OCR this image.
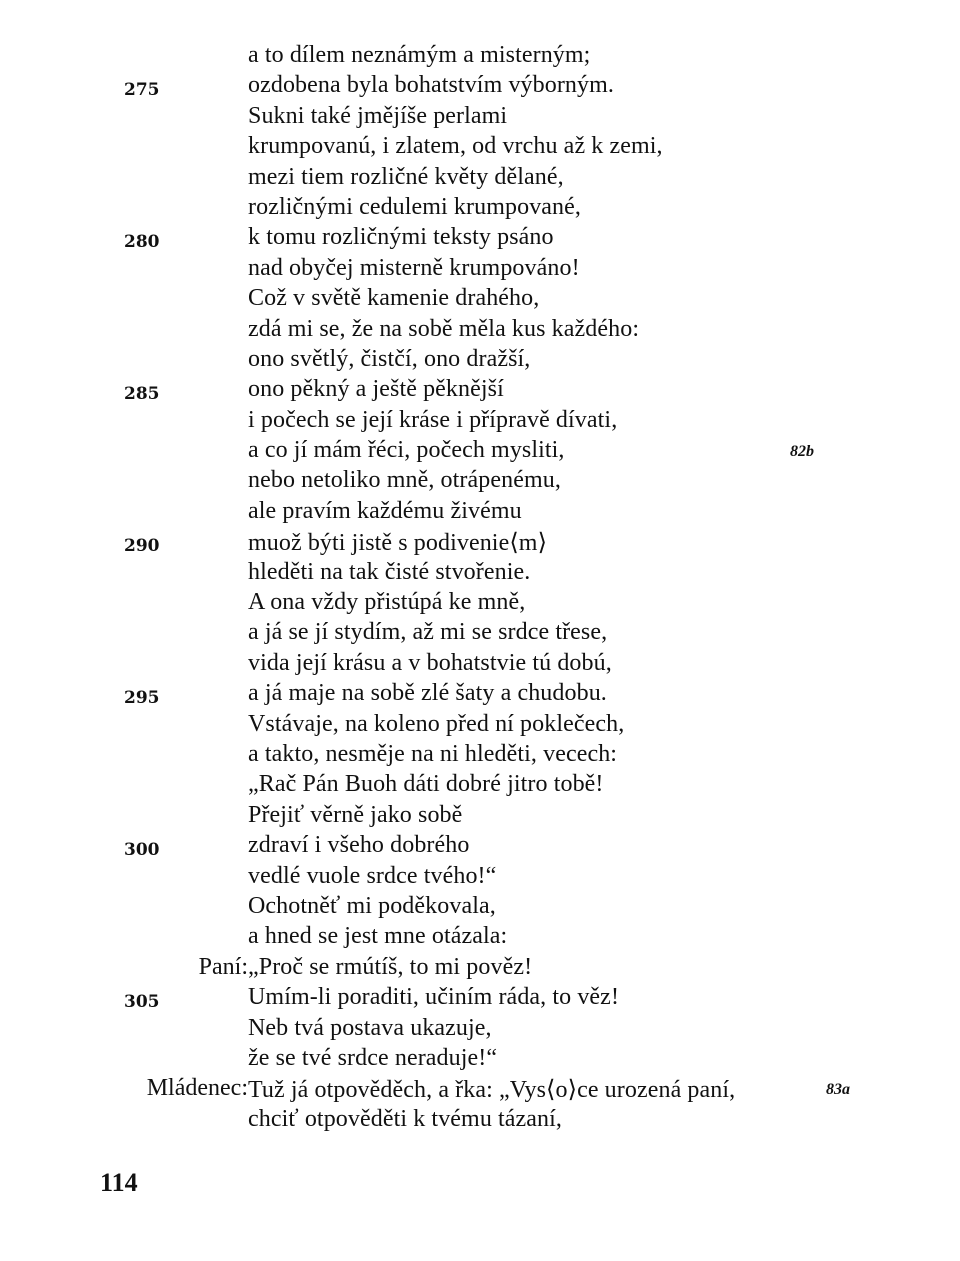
a to dílem neznámým a misterným;
275	ozdobena byla bohatstvím výborným.
Sukni také jmějíše perlami
krumpovanú, i zlatem, od vrchu až k zemi,
mezi tiem rozličné květy dělané,
rozličnými cedulemi krumpované,
280	k tomu rozličnými teksty psáno
nad obyčej misterně krumpováno!
Což v světě kamenie drahého,
zdá mi se, že na sobě měla kus každého:
ono světlý, čistčí, ono dražší,
285	ono pěkný a ještě pěknější
i počech se její kráse i přípravě dívati,
a co jí mám řéci, počech mysliti,	82b
nebo netoliko mně, otrápenému,
ale pravím každému živému
290	muož býti jistě s podivenie⟨m⟩
hleděti na tak čisté stvořenie.
A ona vždy přistúpá ke mně,
a já se jí stydím, až mi se srdce třese,
vida její krásu a v bohatstvie tú dobú,
295	a já maje na sobě zlé šaty a chudobu.
Vstávaje, na koleno před ní poklečech,
a takto, nesměje na ni hleděti, vecech:
„Rač Pán Buoh dáti dobré jitro tobě!
Přejiť věrně jako sobě
300	zdraví i všeho dobrého
vedlé vuole srdce tvého!“
Ochotněť mi poděkovala,
a hned se jest mne otázala:
Paní: „Proč se rmútíš, to mi pověz!
305	Umím-li poraditi, učiním ráda, to věz!
Neb tvá postava ukazuje,
že se tvé srdce neraduje!“
Mládenec: Tuž já otpověděch, a řka: „Vys⟨o⟩ce urozená paní,	83a
chciť otpověděti k tvému tázaní,
114
